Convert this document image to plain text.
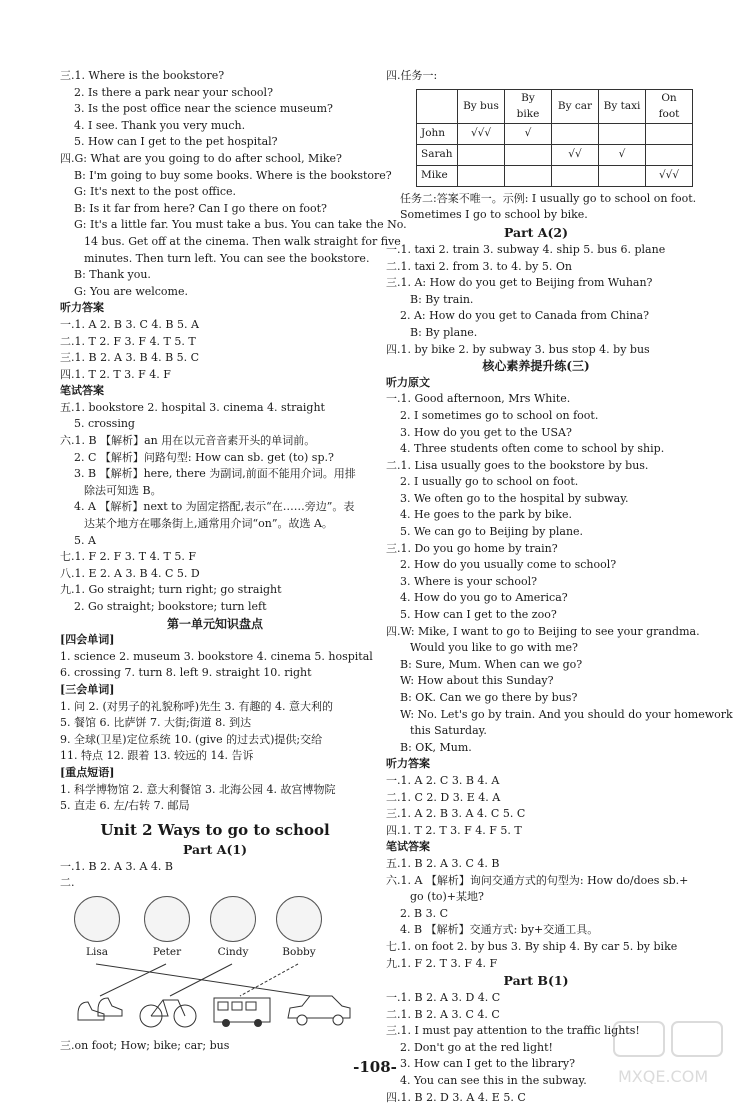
三.1. Where is the bookstore?
2. Is there a park near your school?
3. Is the post office near the science museum?
4. I see. Thank you very much.
5. How can I get to the pet hospital?
四.G: What are you going to do after school, Mike?
B: I'm going to buy some books. Where is the bookstore?
G: It's next to the post office.
B: Is it far from here? Can I go there on foot?
G: It's a little far. You must take a bus. You can take the No.
14 bus. Get off at the cinema. Then walk straight for five
minutes. Then turn left. You can see the bookstore.
B: Thank you.
G: You are welcome.
听力答案
一.1. A 2. B 3. C 4. B 5. A
二.1. T 2. F 3. F 4. T 5. T
三.1. B 2. A 3. B 4. B 5. C
四.1. T 2. T 3. F 4. F
笔试答案
五.1. bookstore 2. hospital 3. cinema 4. straight
5. crossing
六.1. B 【解析】an 用在以元音音素开头的单词前。
2. C 【解析】问路句型: How can sb. get (to) sp.?
3. B 【解析】here, there 为副词,前面不能用介词。用排
除法可知选 B。
4. A 【解析】next to 为固定搭配,表示“在……旁边”。表
达某个地方在哪条街上,通常用介词“on”。故选 A。
5. A
七.1. F 2. F 3. T 4. T 5. F
八.1. E 2. A 3. B 4. C 5. D
九.1. Go straight; turn right; go straight
2. Go straight; bookstore; turn left
第一单元知识盘点
[四会单词]
1. science 2. museum 3. bookstore 4. cinema 5. hospital
6. crossing 7. turn 8. left 9. straight 10. right
[三会单词]
1. 问 2. (对男子的礼貌称呼)先生 3. 有趣的 4. 意大利的
5. 餐馆 6. 比萨饼 7. 大街;街道 8. 到达
9. 全球(卫星)定位系统 10. (give 的过去式)提供;交给
11. 特点 12. 跟着 13. 较远的 14. 告诉
[重点短语]
1. 科学博物馆 2. 意大利餐馆 3. 北海公园 4. 故宫博物院
5. 直走 6. 左/右转 7. 邮局
Unit 2 Ways to go to school
Part A(1)
一.1. B 2. A 3. A 4. B
二.
Lisa	Peter	Cindy	Bobby
三.on foot; How; bike; car; bus
四.任务一:
	By bus	By bike	By car	By taxi	On foot
John	√√√	√			
Sarah			√√	√	
Mike					√√√
任务二:答案不唯一。示例: I usually go to school on foot.
Sometimes I go to school by bike.
Part A(2)
一.1. taxi 2. train 3. subway 4. ship 5. bus 6. plane
二.1. taxi 2. from 3. to 4. by 5. On
三.1. A: How do you get to Beijing from Wuhan?
B: By train.
2. A: How do you get to Canada from China?
B: By plane.
四.1. by bike 2. by subway 3. bus stop 4. by bus
核心素养提升练(三)
听力原文
一.1. Good afternoon, Mrs White.
2. I sometimes go to school on foot.
3. How do you get to the USA?
4. Three students often come to school by ship.
二.1. Lisa usually goes to the bookstore by bus.
2. I usually go to school on foot.
3. We often go to the hospital by subway.
4. He goes to the park by bike.
5. We can go to Beijing by plane.
三.1. Do you go home by train?
2. How do you usually come to school?
3. Where is your school?
4. How do you go to America?
5. How can I get to the zoo?
四.W: Mike, I want to go to Beijing to see your grandma.
Would you like to go with me?
B: Sure, Mum. When can we go?
W: How about this Sunday?
B: OK. Can we go there by bus?
W: No. Let's go by train. And you should do your homework
this Saturday.
B: OK, Mum.
听力答案
一.1. A 2. C 3. B 4. A
二.1. C 2. D 3. E 4. A
三.1. A 2. B 3. A 4. C 5. C
四.1. T 2. T 3. F 4. F 5. T
笔试答案
五.1. B 2. A 3. C 4. B
六.1. A 【解析】询问交通方式的句型为: How do/does sb.+
go (to)+某地?
2. B 3. C
4. B 【解析】交通方式: by+交通工具。
七.1. on foot 2. by bus 3. By ship 4. By car 5. by bike
九.1. F 2. T 3. F 4. F
Part B(1)
一.1. B 2. A 3. D 4. C
二.1. B 2. A 3. C 4. C
三.1. I must pay attention to the traffic lights!
2. Don't go at the red light!
3. How can I get to the library?
4. You can see this in the subway.
四.1. B 2. D 3. A 4. E 5. C
-108-	MXQE.COM
